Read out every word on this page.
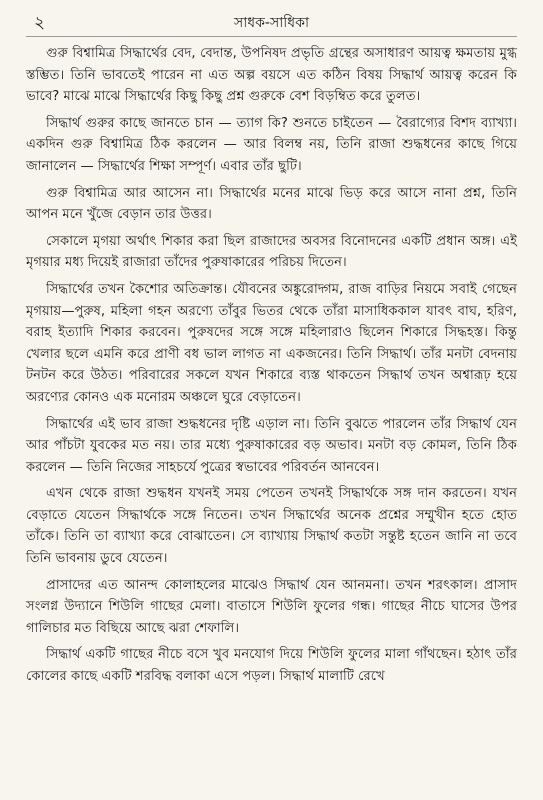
২	সাধক-সাধিকা

গুরু বিশ্বামিত্র সিদ্ধার্থের বেদ, বেদান্ত, উপনিষদ প্রভৃতি গ্রন্থের অসাধারণ আয়ত্ব ক্ষমতায় মুগ্ধ স্তম্ভিত। তিনি ভাবতেই পারেন না এত অল্প বয়সে এত কঠিন বিষয় সিদ্ধার্থ আয়ত্ব করেন কি ভাবে? মাঝে মাঝে সিদ্ধার্থের কিছু কিছু প্রশ্ন গুরুকে বেশ বিড়ম্বিত করে তুলত।

সিদ্ধার্থ গুরুর কাছে জানতে চান — ত্যাগ কি? শুনতে চাইতেন — বৈরাগ্যের বিশদ ব্যাখ্যা। একদিন গুরু বিশ্বামিত্র ঠিক করলেন — আর বিলম্ব নয়, তিনি রাজা শুদ্ধধনের কাছে গিয়ে জানালেন — সিদ্ধার্থের শিক্ষা সম্পূর্ণ। এবার তাঁর ছুটি।

গুরু বিশ্বামিত্র আর আসেন না। সিদ্ধার্থের মনের মাঝে ভিড় করে আসে নানা প্রশ্ন, তিনি আপন মনে খুঁজে বেড়ান তার উত্তর।

সেকালে মৃগয়া অর্থাৎ শিকার করা ছিল রাজাদের অবসর বিনোদনের একটি প্রধান অঙ্গ। এই মৃগয়ার মধ্য দিয়েই রাজারা তাঁদের পুরুষাকারের পরিচয় দিতেন।

সিদ্ধার্থের তখন কৈশোর অতিক্রান্ত। যৌবনের অঙ্কুরোদ্গম, রাজ বাড়ির নিয়মে সবাই গেছেন মৃগয়ায়—পুরুষ, মহিলা গহন অরণ্যে তাঁবুর ভিতর থেকে তাঁরা মাসাধিককাল যাবৎ বাঘ, হরিণ, বরাহ ইত্যাদি শিকার করবেন। পুরুষদের সঙ্গে সঙ্গে মহিলারাও ছিলেন শিকারে সিদ্ধহস্ত। কিন্তু খেলার ছলে এমনি করে প্রাণী বধ ভাল লাগত না একজনের। তিনি সিদ্ধার্থ। তাঁর মনটা বেদনায় টনটন করে উঠত। পরিবারের সকলে যখন শিকারে ব্যস্ত থাকতেন সিদ্ধার্থ তখন অশ্বারূঢ় হয়ে অরণ্যের কোনও এক মনোরম অঞ্চলে ঘুরে বেড়াতেন।

সিদ্ধার্থের এই ভাব রাজা শুদ্ধধনের দৃষ্টি এড়াল না। তিনি বুঝতে পারলেন তাঁর সিদ্ধার্থ যেন আর পাঁচটা যুবকের মত নয়। তার মধ্যে পুরুষাকারের বড় অভাব। মনটা বড় কোমল, তিনি ঠিক করলেন — তিনি নিজের সাহচর্যে পুত্রের স্বভাবের পরিবর্তন আনবেন।

এখন থেকে রাজা শুদ্ধধন যখনই সময় পেতেন তখনই সিদ্ধার্থকে সঙ্গ দান করতেন। যখন বেড়াতে যেতেন সিদ্ধার্থকে সঙ্গে নিতেন। তখন সিদ্ধার্থের অনেক প্রশ্নের সম্মুখীন হতে হোত তাঁকে। তিনি তা ব্যাখ্যা করে বোঝাতেন। সে ব্যাখ্যায় সিদ্ধার্থ কতটা সন্তুষ্ট হতেন জানি না তবে তিনি ভাবনায় ডুবে যেতেন।

প্রাসাদের এত আনন্দ কোলাহলের মাঝেও সিদ্ধার্থ যেন আনমনা। তখন শরৎকাল। প্রাসাদ সংলগ্ন উদ্যানে শিউলি গাছের মেলা। বাতাসে শিউলি ফুলের গন্ধ। গাছের নীচে ঘাসের উপর গালিচার মত বিছিয়ে আছে ঝরা শেফালি।

সিদ্ধার্থ একটি গাছের নীচে বসে খুব মনযোগ দিয়ে শিউলি ফুলের মালা গাঁথছেন। হঠাৎ তাঁর কোলের কাছে একটি শরবিদ্ধ বলাকা এসে পড়ল। সিদ্ধার্থ মালাটি রেখে
